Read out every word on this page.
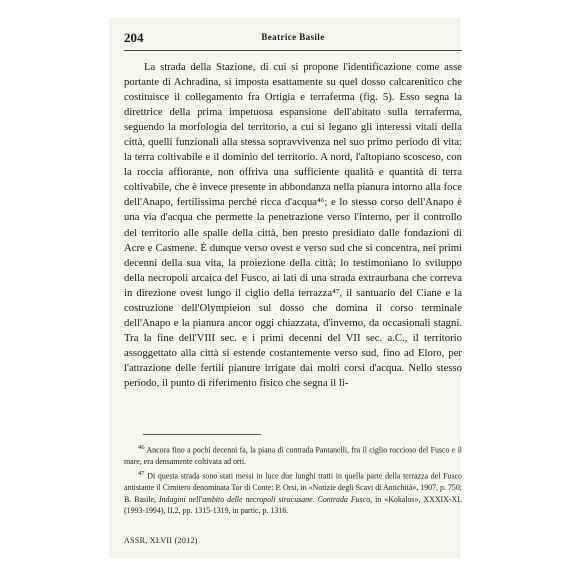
204	Beatrice Basile

La strada della Stazione, di cui si propone l'identificazione come asse portante di Achradina, si imposta esattamente su quel dosso calcarenitico che costituisce il collegamento fra Ortigia e terraferma (fig. 5). Esso segna la direttrice della prima impetuosa espansione dell'abitato sulla terraferma, seguendo la morfologia del territorio, a cui si legano gli interessi vitali della città, quelli funzionali alla stessa sopravvivenza nel suo primo periodo di vita: la terra coltivabile e il dominio del territorio. A nord, l'altopiano scosceso, con la roccia affiorante, non offriva una sufficiente qualità e quantità di terra coltivabile, che è invece presente in abbondanza nella pianura intorno alla foce dell'Anapo, fertilissima perché ricca d'acqua⁴⁶; e lo stesso corso dell'Anapo è una via d'acqua che permette la penetrazione verso l'interno, per il controllo del territorio alle spalle della città, ben presto presidiato dalle fondazioni di Acre e Casmene. È dunque verso ovest e verso sud che si concentra, nei primi decenni della sua vita, la proiezione della città; lo testimoniano lo sviluppo della necropoli arcaica del Fusco, ai lati di una strada extraurbana che correva in direzione ovest lungo il ciglio della terrazza⁴⁷, il santuario del Ciane e la costruzione dell'Olympieion sul dosso che domina il corso terminale dell'Anapo e la pianura ancor oggi chiazzata, d'inverno, da occasionali stagni. Tra la fine dell'VIII sec. e i primi decenni del VII sec. a.C., il territorio assoggettato alla città si estende costantemente verso sud, fino ad Eloro, per l'attrazione delle fertili pianure irrigate dai molti corsi d'acqua. Nello stesso periodo, il punto di riferimento fisico che segna il li-

$^{46}$ Ancora fino a pochi decenni fa, la piana di contrada Pantanelli, fra il ciglio roccioso del Fusco e il mare, era densamente coltivata ad orti.

$^{47}$ Di questa strada sono stati messi in luce due lunghi tratti in quella parte della terrazza del Fusco antistante il Cimitero denominata Tor di Conte: P. Orsi, in «Notizie degli Scavi di Antichità», 1907, p. 750; B. Basile, Indagini nell'ambito delle necropoli siracusane. Contrada Fusco, in «Kokalos», XXXIX-XL (1993-1994), II.2, pp. 1315-1319, in partic. p. 1316.

ASSR, XLVII (2012)
